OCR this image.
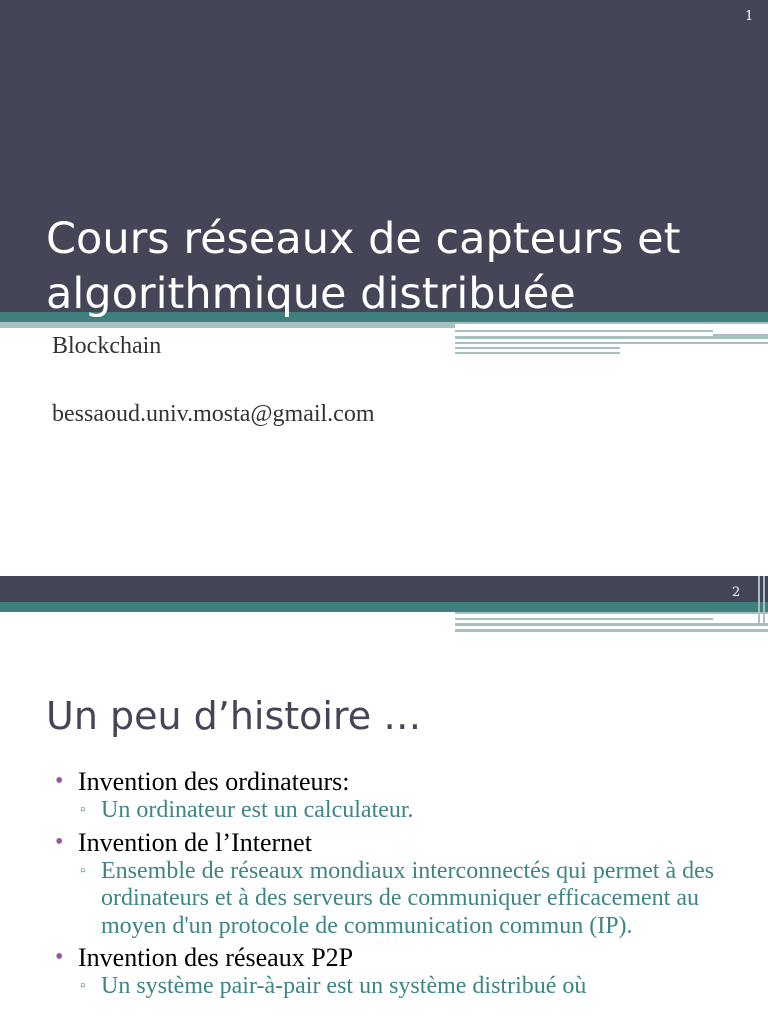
1
Cours réseaux de capteurs et
algorithmique distribuée
Blockchain
bessaoud.univ.mosta@gmail.com
2
Un peu d’histoire …
• Invention des ordinateurs:
▫ Un ordinateur est un calculateur.
• Invention de l’Internet
▫ Ensemble de réseaux mondiaux interconnectés qui permet à des ordinateurs et à des serveurs de communiquer efficacement au moyen d'un protocole de communication commun (IP).
• Invention des réseaux P2P
▫ Un système pair-à-pair est un système distribué où
